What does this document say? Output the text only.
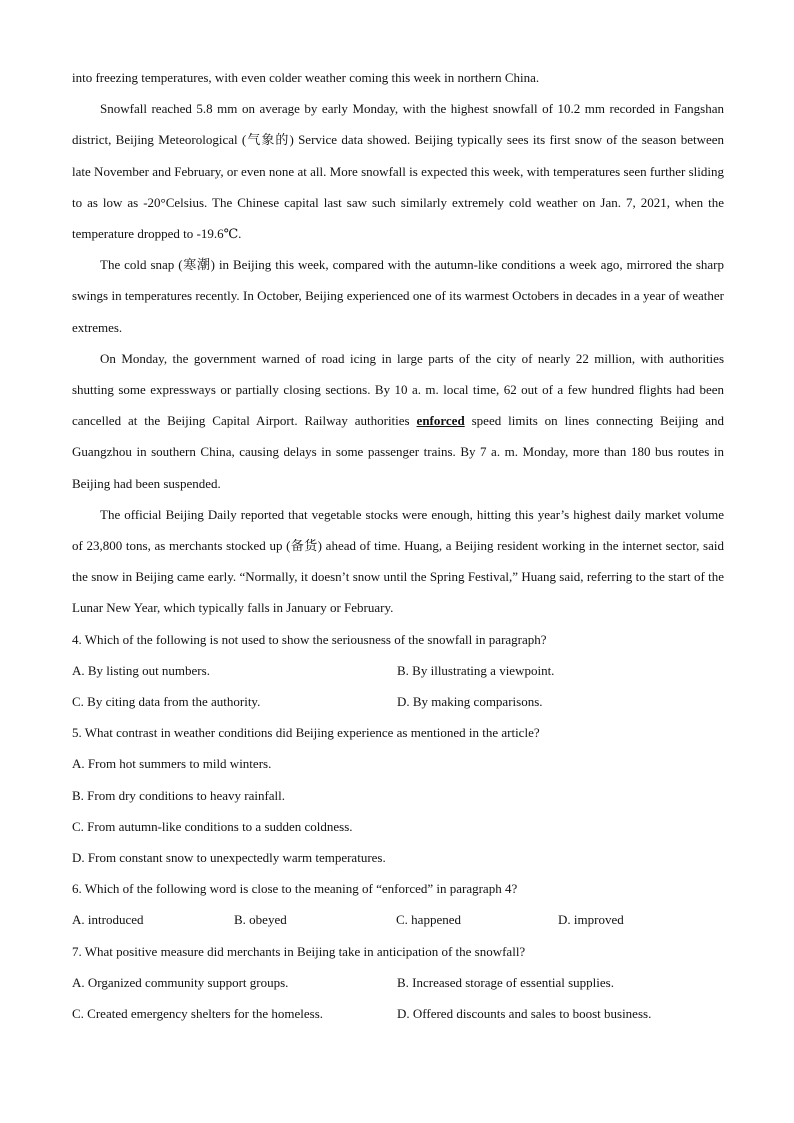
into freezing temperatures, with even colder weather coming this week in northern China.

Snowfall reached 5.8 mm on average by early Monday, with the highest snowfall of 10.2 mm recorded in Fangshan district, Beijing Meteorological (气象的) Service data showed. Beijing typically sees its first snow of the season between late November and February, or even none at all. More snowfall is expected this week, with temperatures seen further sliding to as low as -20°Celsius. The Chinese capital last saw such similarly extremely cold weather on Jan. 7, 2021, when the temperature dropped to -19.6℃.

The cold snap (寒潮) in Beijing this week, compared with the autumn-like conditions a week ago, mirrored the sharp swings in temperatures recently. In October, Beijing experienced one of its warmest Octobers in decades in a year of weather extremes.

On Monday, the government warned of road icing in large parts of the city of nearly 22 million, with authorities shutting some expressways or partially closing sections. By 10 a. m. local time, 62 out of a few hundred flights had been cancelled at the Beijing Capital Airport. Railway authorities enforced speed limits on lines connecting Beijing and Guangzhou in southern China, causing delays in some passenger trains. By 7 a. m. Monday, more than 180 bus routes in Beijing had been suspended.

The official Beijing Daily reported that vegetable stocks were enough, hitting this year’s highest daily market volume of 23,800 tons, as merchants stocked up (备货) ahead of time. Huang, a Beijing resident working in the internet sector, said the snow in Beijing came early. “Normally, it doesn’t snow until the Spring Festival,” Huang said, referring to the start of the Lunar New Year, which typically falls in January or February.

4. Which of the following is not used to show the seriousness of the snowfall in paragraph?

A. By listing out numbers.	B. By illustrating a viewpoint.
C. By citing data from the authority.	D. By making comparisons.

5. What contrast in weather conditions did Beijing experience as mentioned in the article?

A. From hot summers to mild winters.
B. From dry conditions to heavy rainfall.
C. From autumn-like conditions to a sudden coldness.
D. From constant snow to unexpectedly warm temperatures.

6. Which of the following word is close to the meaning of “enforced” in paragraph 4?

A. introduced	B. obeyed	C. happened	D. improved

7. What positive measure did merchants in Beijing take in anticipation of the snowfall?

A. Organized community support groups.	B. Increased storage of essential supplies.
C. Created emergency shelters for the homeless.	D. Offered discounts and sales to boost business.
